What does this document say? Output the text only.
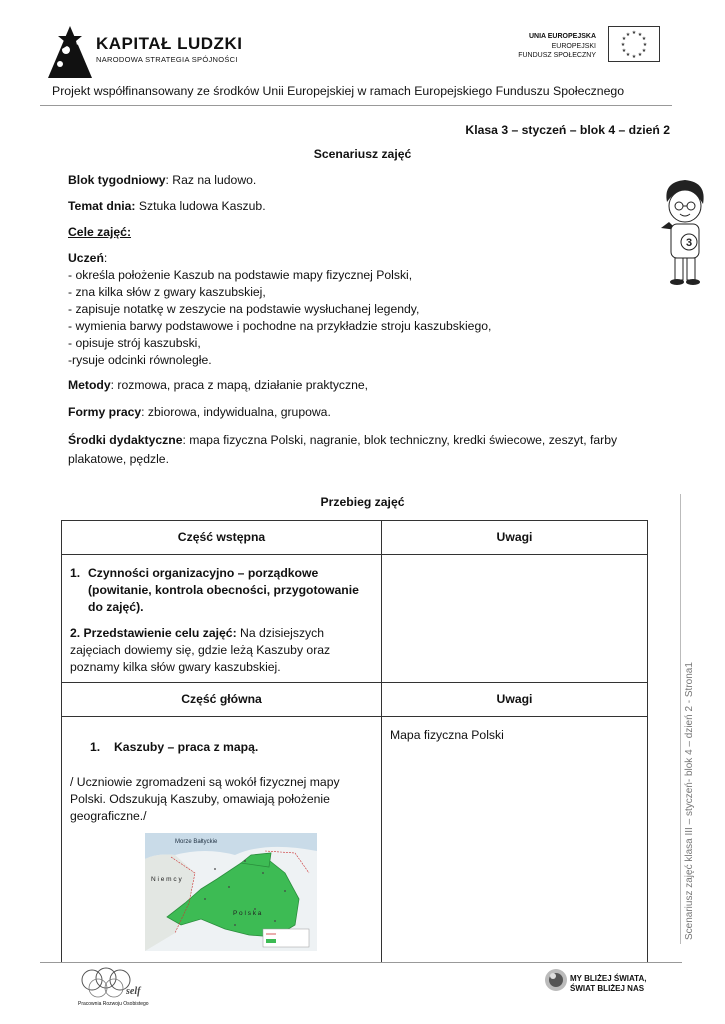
KAPITAŁ LUDZKI
NARODOWA STRATEGIA SPÓJNOŚCI
UNIA EUROPEJSKA
EUROPEJSKI
FUNDUSZ SPOŁECZNY
★ ★
★
★
★
★
★
★
★
★
★
★
Projekt współfinansowany ze środków Unii Europejskiej w ramach Europejskiego Funduszu Społecznego
3
Klasa 3 – styczeń – blok 4 – dzień 2
Scenariusz zajęć

Blok tygodniowy: Raz na ludowo.

Temat dnia: Sztuka ludowa Kaszub.

Cele zajęć:

Uczeń:
- określa położenie Kaszub na podstawie mapy fizycznej Polski,
- zna kilka słów z gwary kaszubskiej,
- zapisuje notatkę w zeszycie na podstawie wysłuchanej legendy,
- wymienia barwy podstawowe i pochodne na przykładzie stroju kaszubskiego,
- opisuje strój kaszubski,
-rysuje odcinki równoległe.

Metody: rozmowa, praca z mapą, działanie praktyczne,

Formy pracy: zbiorowa, indywidualna, grupowa.

Środki dydaktyczne: mapa fizyczna Polski, nagranie, blok techniczny, kredki świecowe, zeszyt, farby plakatowe, pędzle.

Przebieg zajęć
Część wstępna	Uwagi

1. Czynności organizacyjno – porządkowe (powitanie, kontrola obecności, przygotowanie do zajęć).
2. Przedstawienie celu zajęć: Na dzisiejszych zajęciach dowiemy się, gdzie leżą Kaszuby oraz poznamy kilka słów gwary kaszubskiej.	

Część główna	Uwagi

1. Kaszuby – praca z mapą.
/ Uczniowie zgromadzeni są wokół fizycznej mapy Polski. Odszukują Kaszuby, omawiają położenie geograficzne./
Morze Bałtyckie
N i e m c y
P o l s k a	Mapa fizyczna Polski	Scenariusz zajęć klasa III – styczeń- blok 4 – dzień 2 - Strona1
self
Pracownia Rozwoju Osobistego
MY BLIŻEJ ŚWIATA,
ŚWIAT BLIŻEJ NAS
